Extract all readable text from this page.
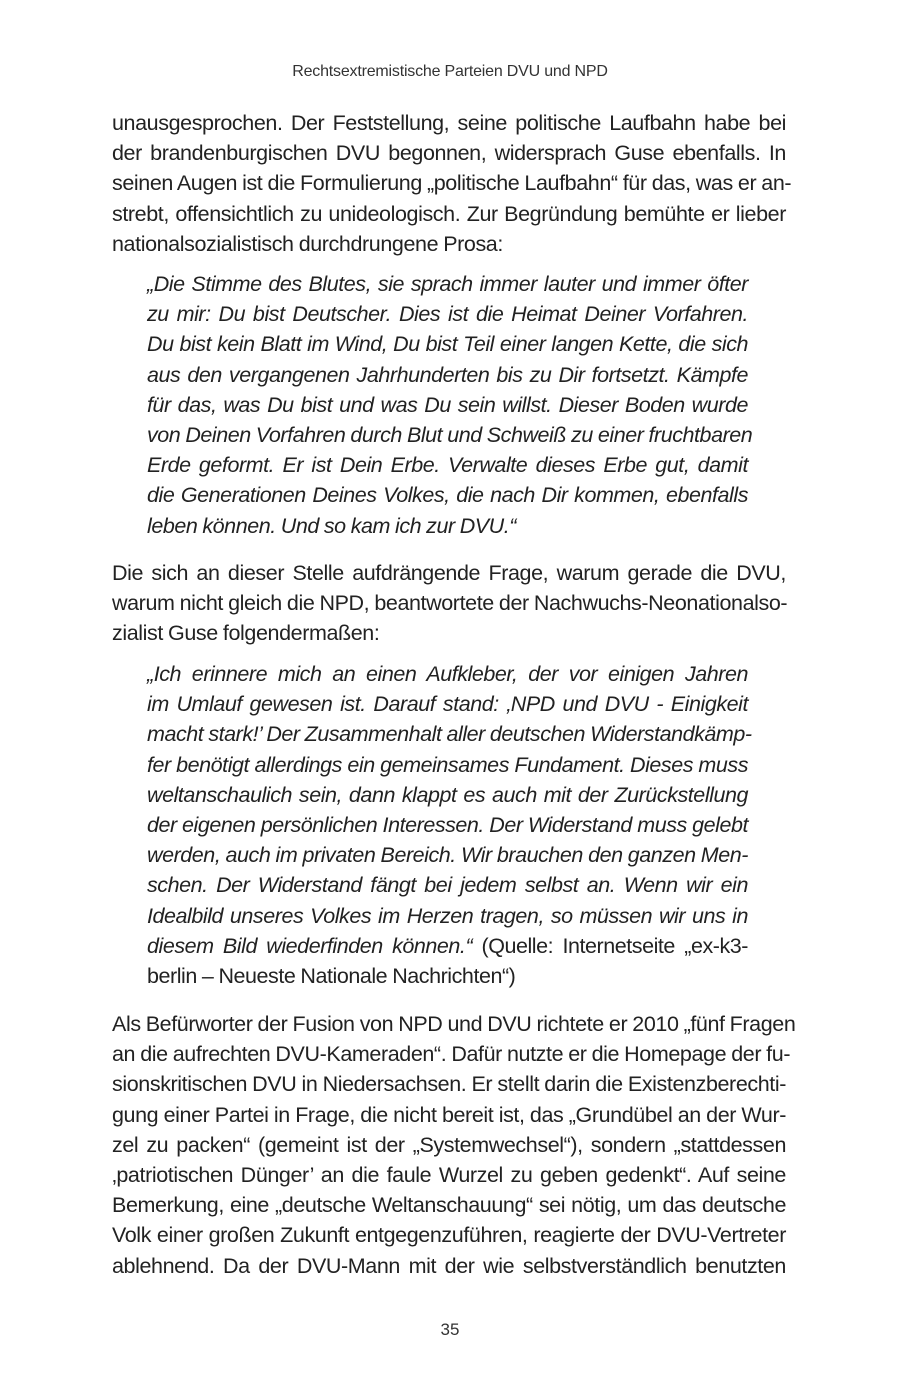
Rechtsextremistische Parteien DVU und NPD
unausgesprochen. Der Feststellung, seine politische Laufbahn habe bei
der brandenburgischen DVU begonnen, widersprach Guse ebenfalls. In
seinen Augen ist die Formulierung „politische Laufbahn“ für das, was er an-
strebt, offensichtlich zu unideologisch. Zur Begründung bemühte er lieber
nationalsozialistisch durchdrungene Prosa:
„Die Stimme des Blutes, sie sprach immer lauter und immer öfter
zu mir: Du bist Deutscher. Dies ist die Heimat Deiner Vorfahren.
Du bist kein Blatt im Wind, Du bist Teil einer langen Kette, die sich
aus den vergangenen Jahrhunderten bis zu Dir fortsetzt. Kämpfe
für das, was Du bist und was Du sein willst. Dieser Boden wurde
von Deinen Vorfahren durch Blut und Schweiß zu einer fruchtbaren
Erde geformt. Er ist Dein Erbe. Verwalte dieses Erbe gut, damit
die Generationen Deines Volkes, die nach Dir kommen, ebenfalls
leben können. Und so kam ich zur DVU.“
Die sich an dieser Stelle aufdrängende Frage, warum gerade die DVU,
warum nicht gleich die NPD, beantwortete der Nachwuchs-Neonationalso-
zialist Guse folgendermaßen:
„Ich erinnere mich an einen Aufkleber, der vor einigen Jahren
im Umlauf gewesen ist. Darauf stand: ‚NPD und DVU - Einigkeit
macht stark!’ Der Zusammenhalt aller deutschen Widerstandkämp-
fer benötigt allerdings ein gemeinsames Fundament. Dieses muss
weltanschaulich sein, dann klappt es auch mit der Zurückstellung
der eigenen persönlichen Interessen. Der Widerstand muss gelebt
werden, auch im privaten Bereich. Wir brauchen den ganzen Men-
schen. Der Widerstand fängt bei jedem selbst an. Wenn wir ein
Idealbild unseres Volkes im Herzen tragen, so müssen wir uns in
diesem Bild wiederfinden können.“ (Quelle: Internetseite „ex-k3-
berlin – Neueste Nationale Nachrichten“)
Als Befürworter der Fusion von NPD und DVU richtete er 2010 „fünf Fragen
an die aufrechten DVU-Kameraden“. Dafür nutzte er die Homepage der fu-
sionskritischen DVU in Niedersachsen. Er stellt darin die Existenzberechti-
gung einer Partei in Frage, die nicht bereit ist, das „Grundübel an der Wur-
zel zu packen“ (gemeint ist der „Systemwechsel“), sondern „stattdessen
‚patriotischen Dünger’ an die faule Wurzel zu geben gedenkt“. Auf seine
Bemerkung, eine „deutsche Weltanschauung“ sei nötig, um das deutsche
Volk einer großen Zukunft entgegenzuführen, reagierte der DVU-Vertreter
ablehnend. Da der DVU-Mann mit der wie selbstverständlich benutzten
35
